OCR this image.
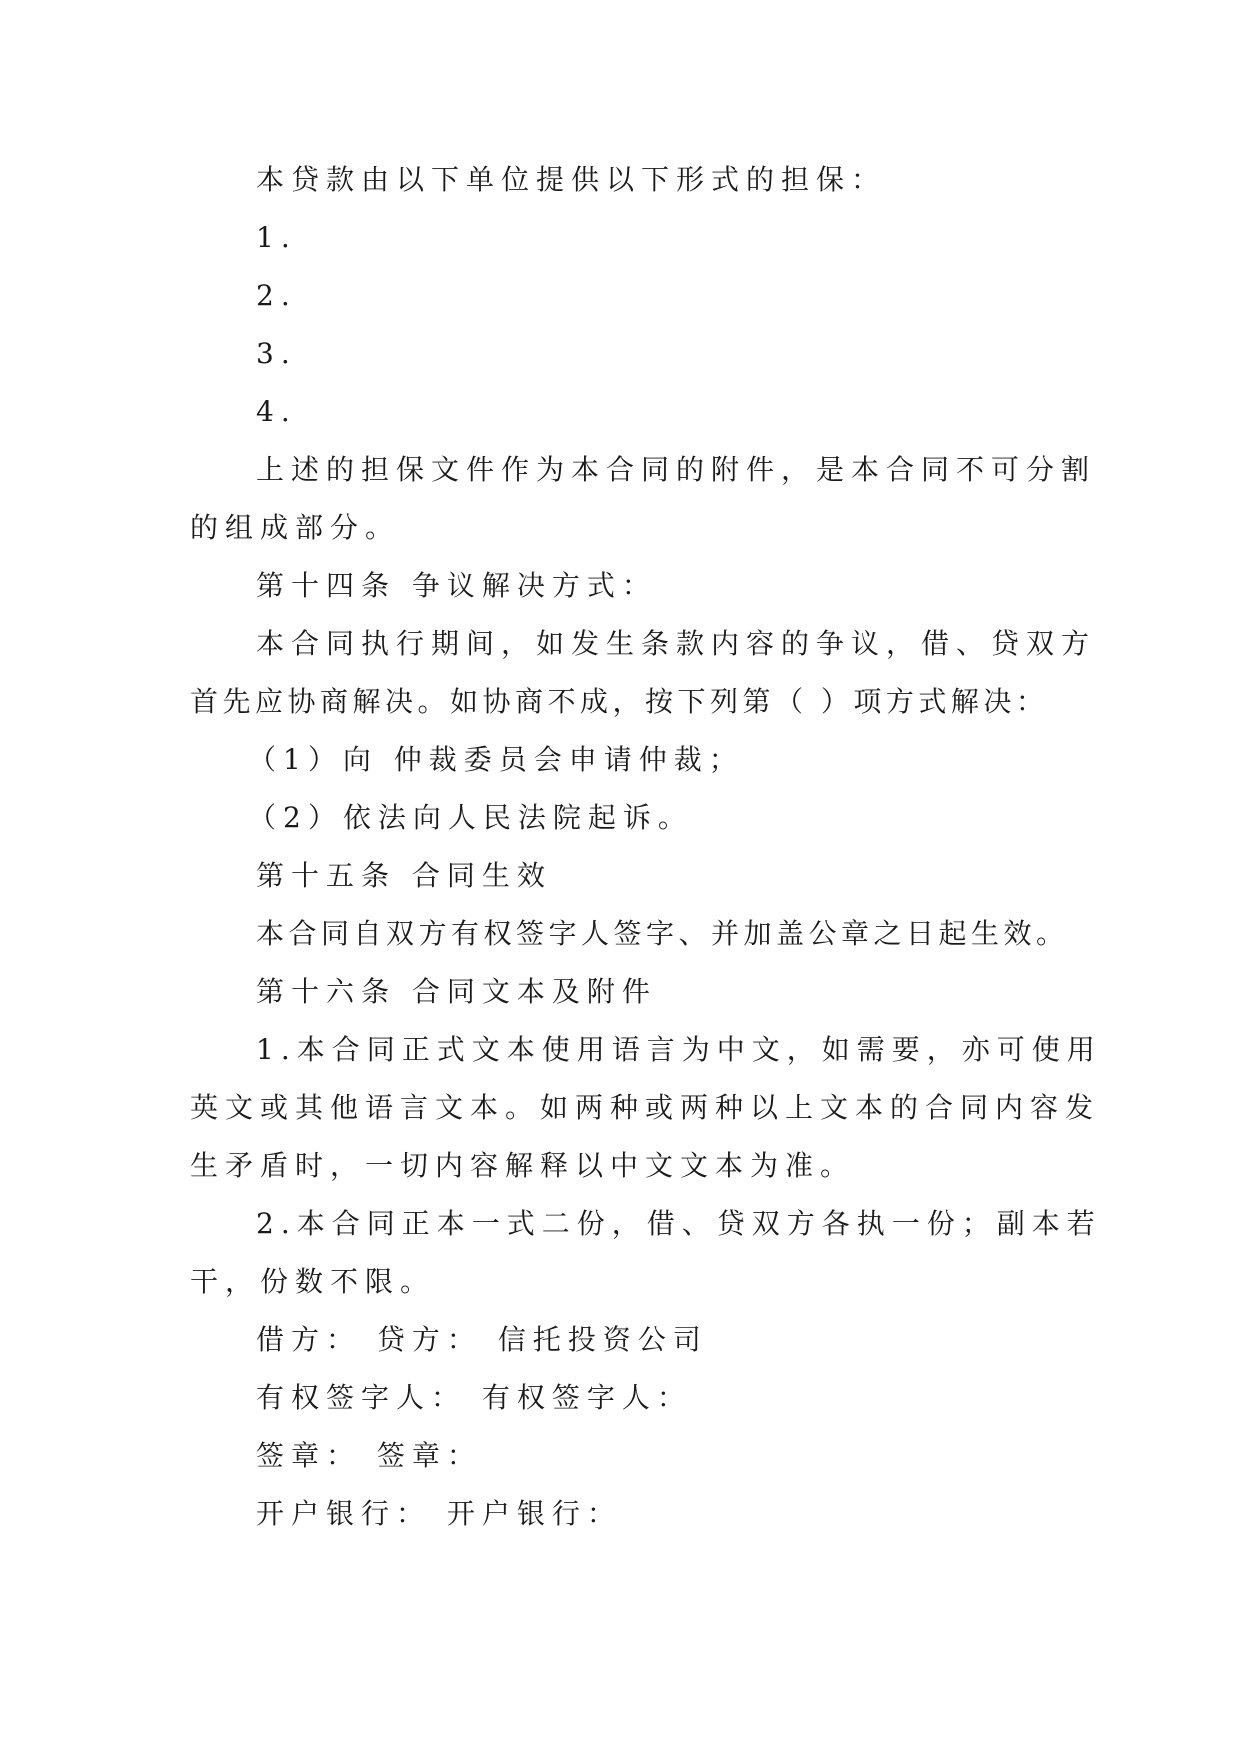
本贷款由以下单位提供以下形式的担保：
1.
2.
3.
4.
上述的担保文件作为本合同的附件，是本合同不可分割
的组成部分。
第十四条 争议解决方式：
本合同执行期间，如发生条款内容的争议，借、贷双方
首先应协商解决。如协商不成，按下列第（ ）项方式解决：
（1）向 仲裁委员会申请仲裁；
（2）依法向人民法院起诉。
第十五条 合同生效
本合同自双方有权签字人签字、并加盖公章之日起生效。
第十六条 合同文本及附件
1.本合同正式文本使用语言为中文，如需要，亦可使用
英文或其他语言文本。如两种或两种以上文本的合同内容发
生矛盾时，一切内容解释以中文文本为准。
2.本合同正本一式二份，借、贷双方各执一份；副本若
干，份数不限。
借方： 贷方： 信托投资公司
有权签字人： 有权签字人：
签章： 签章：
开户银行： 开户银行：
